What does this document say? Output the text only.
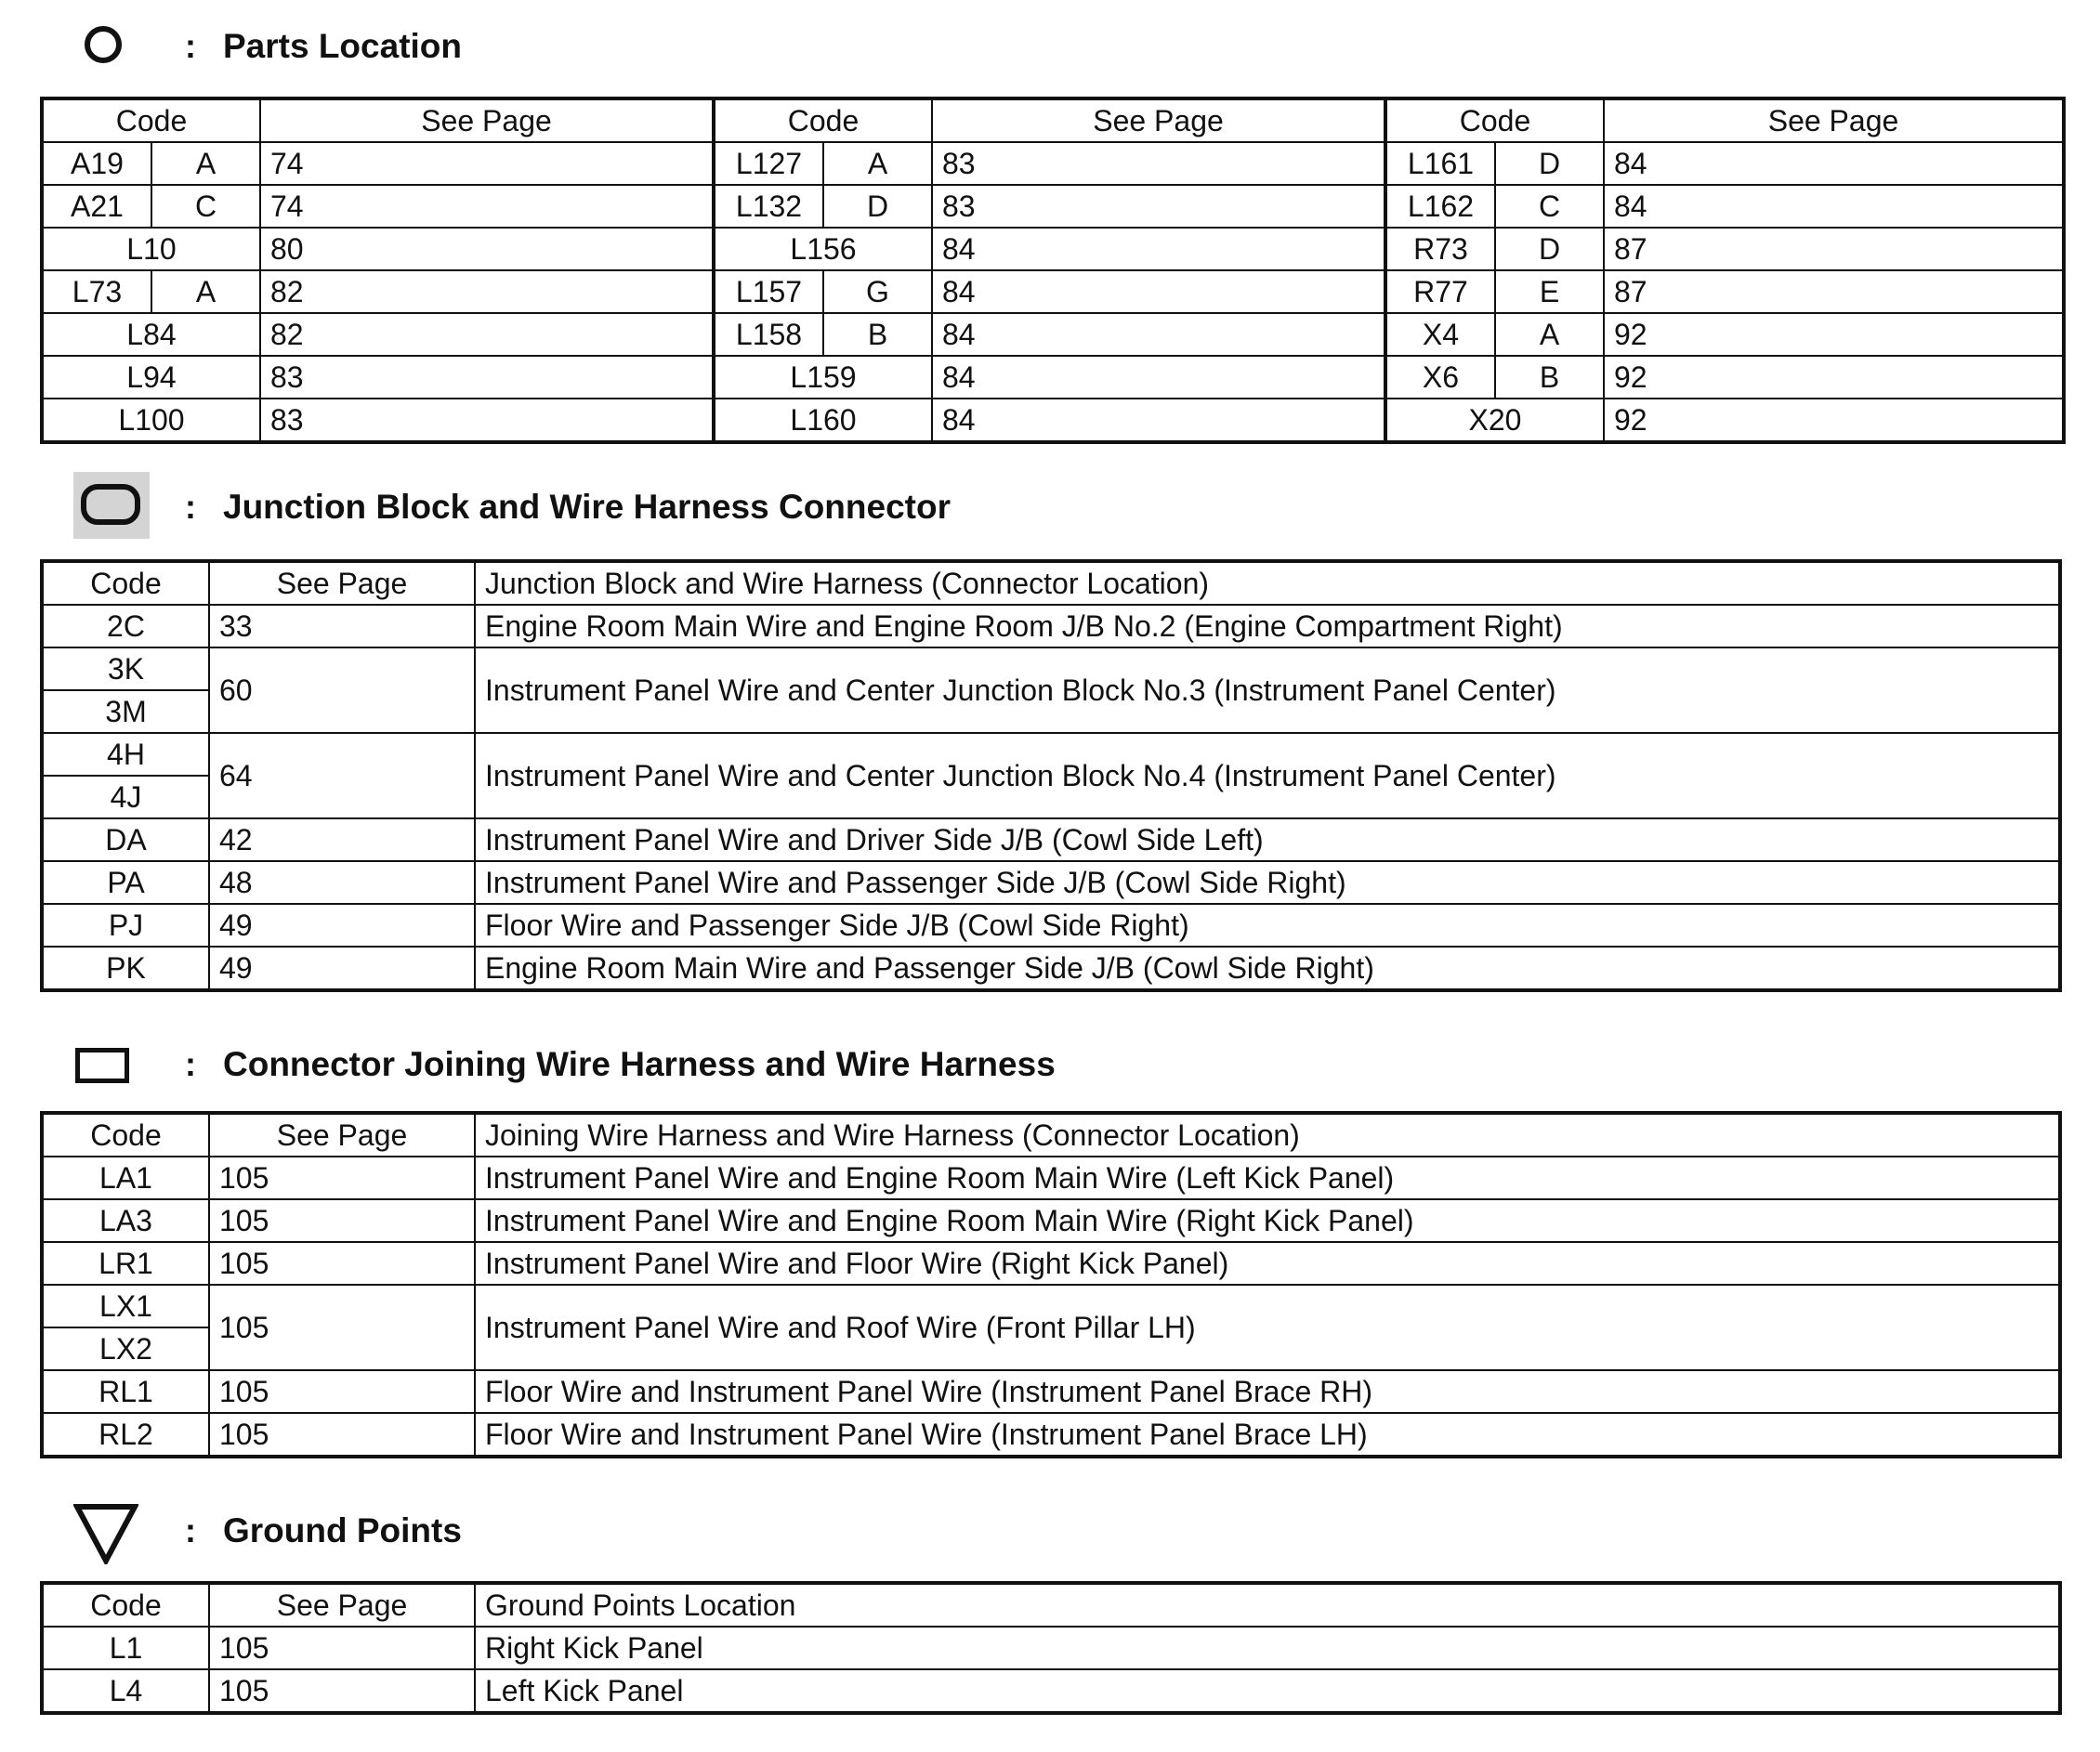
: Parts Location
Code		See Page	Code		See Page	Code		See Page
A19	A	74	L127	A	83	L161	D	84
A21	C	74	L132	D	83	L162	C	84
L10		80	L156		84	R73	D	87
L73	A	82	L157	G	84	R77	E	87
L84		82	L158	B	84	X4	A	92
L94		83	L159		84	X6	B	92
L100		83	L160		84	X20		92
: Junction Block and Wire Harness Connector
Code	See Page	Junction Block and Wire Harness (Connector Location)
2C	33	Engine Room Main Wire and Engine Room J/B No.2 (Engine Compartment Right)
3K	60	Instrument Panel Wire and Center Junction Block No.3 (Instrument Panel Center)
3M		
4H	64	Instrument Panel Wire and Center Junction Block No.4 (Instrument Panel Center)
4J		
DA	42	Instrument Panel Wire and Driver Side J/B (Cowl Side Left)
PA	48	Instrument Panel Wire and Passenger Side J/B (Cowl Side Right)
PJ	49	Floor Wire and Passenger Side J/B (Cowl Side Right)
PK	49	Engine Room Main Wire and Passenger Side J/B (Cowl Side Right)
: Connector Joining Wire Harness and Wire Harness
Code	See Page	Joining Wire Harness and Wire Harness (Connector Location)
LA1	105	Instrument Panel Wire and Engine Room Main Wire (Left Kick Panel)
LA3	105	Instrument Panel Wire and Engine Room Main Wire (Right Kick Panel)
LR1	105	Instrument Panel Wire and Floor Wire (Right Kick Panel)
LX1	105	Instrument Panel Wire and Roof Wire (Front Pillar LH)
LX2		
RL1	105	Floor Wire and Instrument Panel Wire (Instrument Panel Brace RH)
RL2	105	Floor Wire and Instrument Panel Wire (Instrument Panel Brace LH)
: Ground Points
Code	See Page	Ground Points Location
L1	105	Right Kick Panel
L4	105	Left Kick Panel
